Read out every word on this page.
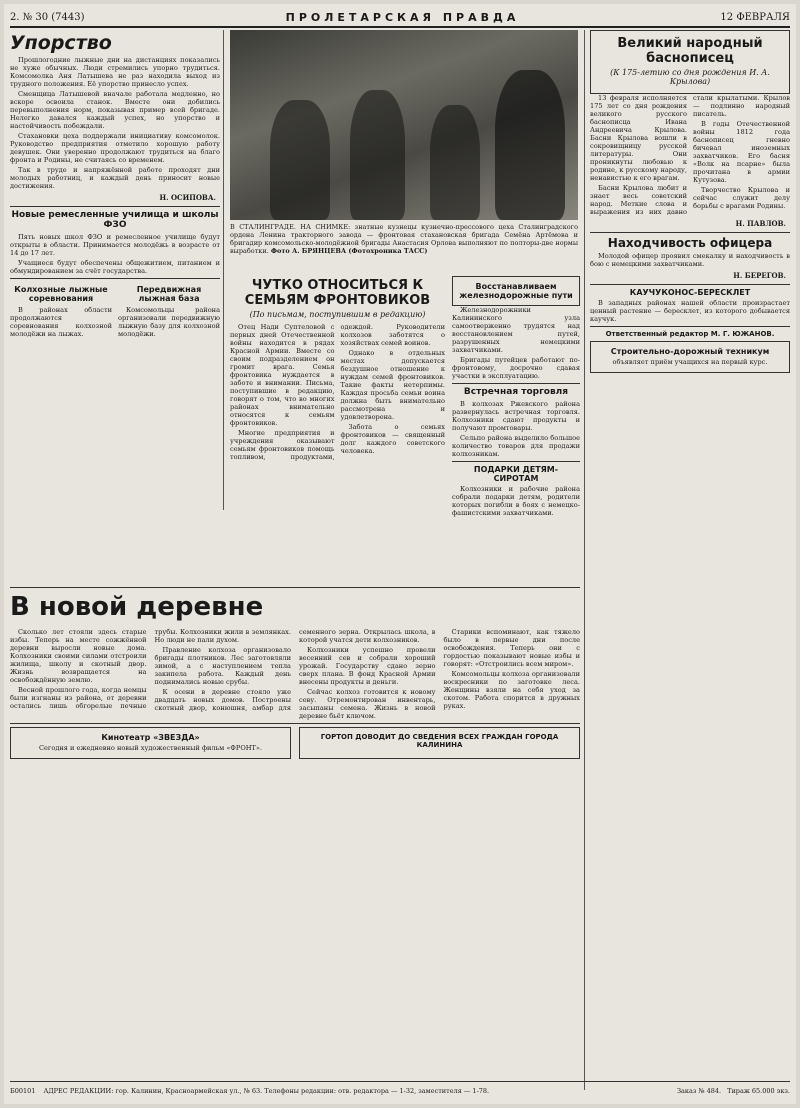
2. № 30 (7443)	ПРОЛЕТАРСКАЯ ПРАВДА	12 ФЕВРАЛЯ
Упорство

Прошлогодние лыжные дни на дистанциях показались не хуже обычных. Люди стремились упорно трудиться. Комсомолка Аня Латышева не раз находила выход из трудного положения. Её упорство принесло успех.

Сменщица Латышевой вначале работала медленно, но вскоре освоила станок. Вместе они добились перевыполнения норм, показывая пример всей бригаде. Нелегко давался каждый успех, но упорство и настойчивость побеждали.

Стахановки цеха поддержали инициативу комсомолок. Руководство предприятия отметило хорошую работу девушек. Они уверенно продолжают трудиться на благо фронта и Родины, не считаясь со временем.

Так в труде и напряжённой работе проходят дни молодых работниц, и каждый день приносит новые достижения.

Н. ОСИПОВА.
Новые ремесленные училища и школы ФЗО

Пять новых школ ФЗО и ремесленное училище будут открыты в области. Принимается молодёжь в возрасте от 14 до 17 лет.

Учащиеся будут обеспечены общежитием, питанием и обмундированием за счёт государства.

Колхозные лыжные соревнования

В районах области продолжаются соревнования колхозной молодёжи на лыжах.

Передвижная лыжная база

Комсомольцы района организовали передвижную лыжную базу для колхозной молодёжи.

В СТАЛИНГРАДЕ. НА СНИМКЕ: знатные кузнецы кузнечно-прессового цеха Сталинградского ордена Ленина тракторного завода — фронтовая стахановская бригада Семёна Артёмова и бригадир комсомольско-молодёжной бригады Анастасия Орлова выполняют по полторы-две нормы выработки. Фото А. БРЯНЦЕВА (Фотохроника ТАСС)
ЧУТКО ОТНОСИТЬСЯ К СЕМЬЯМ ФРОНТОВИКОВ
(По письмам, поступившим в редакцию)

Отец Нади Суптеловой с первых дней Отечественной войны находится в рядах Красной Армии. Вместе со своим подразделением он громит врага. Семья фронтовика нуждается в заботе и внимании. Письма, поступившие в редакцию, говорят о том, что во многих районах внимательно относятся к семьям фронтовиков.

Многие предприятия и учреждения оказывают семьям фронтовиков помощь топливом, продуктами, одеждой. Руководители колхозов заботятся о хозяйствах семей воинов.

Однако в отдельных местах допускается бездушное отношение к нуждам семей фронтовиков. Такие факты нетерпимы. Каждая просьба семьи воина должна быть внимательно рассмотрена и удовлетворена.

Забота о семьях фронтовиков — священный долг каждого советского человека.

Восстанавливаем железнодорожные пути

Железнодорожники Калининского узла самоотверженно трудятся над восстановлением путей, разрушенных немецкими захватчиками.

Бригады путейцев работают по-фронтовому, досрочно сдавая участки в эксплуатацию.

Встречная торговля

В колхозах Ржевского района развернулась встречная торговля. Колхозники сдают продукты и получают промтовары.

Сельпо района выделило большое количество товаров для продажи колхозникам.

ПОДАРКИ ДЕТЯМ-СИРОТАМ

Колхозники и рабочие района собрали подарки детям, родители которых погибли в боях с немецко-фашистскими захватчиками.

Великий народный баснописец
(К 175-летию со дня рождения И. А. Крылова)

13 февраля исполняется 175 лет со дня рождения великого русского баснописца Ивана Андреевича Крылова. Басни Крылова вошли в сокровищницу русской литературы. Они проникнуты любовью к родине, к русскому народу, ненавистью к его врагам.

Басни Крылова любит и знает весь советский народ. Меткие слова и выражения из них давно стали крылатыми. Крылов — подлинно народный писатель.

В годы Отечественной войны 1812 года баснописец гневно бичевал иноземных захватчиков. Его басня «Волк на псарне» была прочитана в армии Кутузова.

Творчество Крылова и сейчас служит делу борьбы с врагами Родины.

Н. ПАВЛОВ.
Находчивость офицера

Молодой офицер проявил смекалку и находчивость в бою с немецкими захватчиками.

Н. БЕРЕГОВ.
КАУЧУКОНОС-БЕРЕСКЛЕТ

В западных районах нашей области произрастает ценный растение — бересклет, из которого добывается каучук.

Ответственный редактор М. Г. ЮЖАНОВ.
Строительно-дорожный техникум
объявляет приём учащихся на первый курс.
В новой деревне

Сколько лет стояли здесь старые избы. Теперь на месте сожжённой деревни выросли новые дома. Колхозники своими силами отстроили жилища, школу и скотный двор. Жизнь возвращается на освобождённую землю.

Весной прошлого года, когда немцы были изгнаны из района, от деревни остались лишь обгорелые печные трубы. Колхозники жили в землянках. Но люди не пали духом.

Правление колхоза организовало бригады плотников. Лес заготовляли зимой, а с наступлением тепла закипела работа. Каждый день поднимались новые срубы.

К осени в деревне стояло уже двадцать новых домов. Построены скотный двор, конюшня, амбар для семенного зерна. Открылась школа, в которой учатся дети колхозников.

Колхозники успешно провели весенний сев и собрали хороший урожай. Государству сдано зерно сверх плана. В фонд Красной Армии внесены продукты и деньги.

Сейчас колхоз готовится к новому севу. Отремонтирован инвентарь, засыпаны семена. Жизнь в новой деревне бьёт ключом.

Старики вспоминают, как тяжело было в первые дни после освобождения. Теперь они с гордостью показывают новые избы и говорят: «Отстроились всем миром».

Комсомольцы колхоза организовали воскресники по заготовке леса. Женщины взяли на себя уход за скотом. Работа спорится в дружных руках.

Кинотеатр «ЗВЕЗДА»
Сегодня и ежедневно новый художественный фильм «ФРОНТ».
ГОРТОП ДОВОДИТ ДО СВЕДЕНИЯ ВСЕХ ГРАЖДАН ГОРОДА КАЛИНИНА
Б00101 АДРЕС РЕДАКЦИИ: гор. Калинин, Красноармейская ул., № 63. Телефоны редакции: отв. редактора — 1-32, заместителя — 1-78.	Заказ № 484. Тираж 65.000 экз.
